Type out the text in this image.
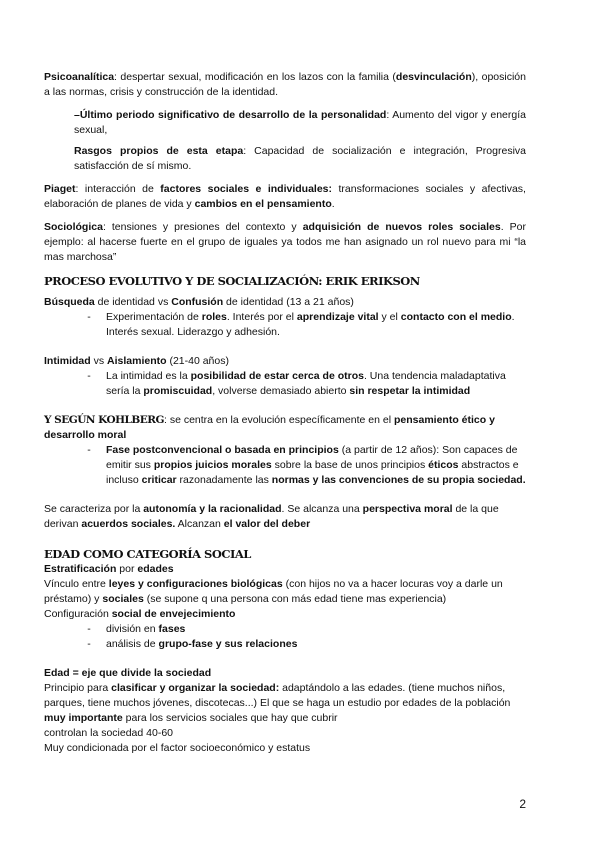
Psicoanalítica: despertar sexual, modificación en los lazos con la familia (desvinculación), oposición a las normas, crisis y construcción de la identidad.

–Último periodo significativo de desarrollo de la personalidad: Aumento del vigor y energía sexual,

Rasgos propios de esta etapa: Capacidad de socialización e integración, Progresiva satisfacción de sí mismo.

Piaget: interacción de factores sociales e individuales: transformaciones sociales y afectivas, elaboración de planes de vida y cambios en el pensamiento.

Sociológica: tensiones y presiones del contexto y adquisición de nuevos roles sociales. Por ejemplo: al hacerse fuerte en el grupo de iguales ya todos me han asignado un rol nuevo para mi “la mas marchosa”

PROCESO EVOLUTIVO Y DE SOCIALIZACIÓN: ERIK ERIKSON

Búsqueda de identidad vs Confusión de identidad (13 a 21 años)

-	Experimentación de roles. Interés por el aprendizaje vital y el contacto con el medio. Interés sexual. Liderazgo y adhesión.

Intimidad vs Aislamiento (21-40 años)

-	La intimidad es la posibilidad de estar cerca de otros. Una tendencia maladaptativa sería la promiscuidad, volverse demasiado abierto sin respetar la intimidad

Y SEGÚN KOHLBERG: se centra en la evolución específicamente en el pensamiento ético y desarrollo moral

-	Fase postconvencional o basada en principios (a partir de 12 años): Son capaces de emitir sus propios juicios morales sobre la base de unos principios éticos abstractos e incluso criticar razonadamente las normas y las convenciones de su propia sociedad.

Se caracteriza por la autonomía y la racionalidad. Se alcanza una perspectiva moral de la que derivan acuerdos sociales. Alcanzan el valor del deber

EDAD COMO CATEGORÍA SOCIAL

Estratificación por edades

Vínculo entre leyes y configuraciones biológicas (con hijos no va a hacer locuras voy a darle un préstamo) y sociales (se supone q una persona con más edad tiene mas experiencia)

Configuración social de envejecimiento

-	división en fases
-	análisis de grupo-fase y sus relaciones

Edad = eje que divide la sociedad

Principio para clasificar y organizar la sociedad: adaptándolo a las edades. (tiene muchos niños, parques, tiene muchos jóvenes, discotecas...) El que se haga un estudio por edades de la población muy importante para los servicios sociales que hay que cubrir

controlan la sociedad 40-60

Muy condicionada por el factor socioeconómico y estatus

2
